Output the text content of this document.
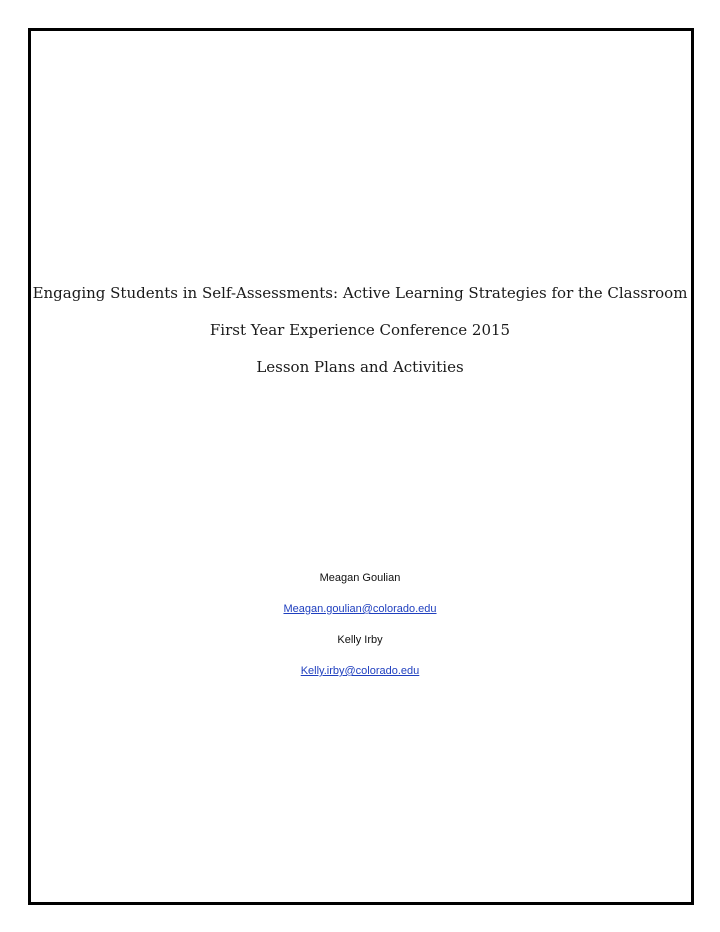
Engaging Students in Self-Assessments: Active Learning Strategies for the Classroom
First Year Experience Conference 2015
Lesson Plans and Activities
Meagan Goulian
Meagan.goulian@colorado.edu
Kelly Irby
Kelly.irby@colorado.edu
